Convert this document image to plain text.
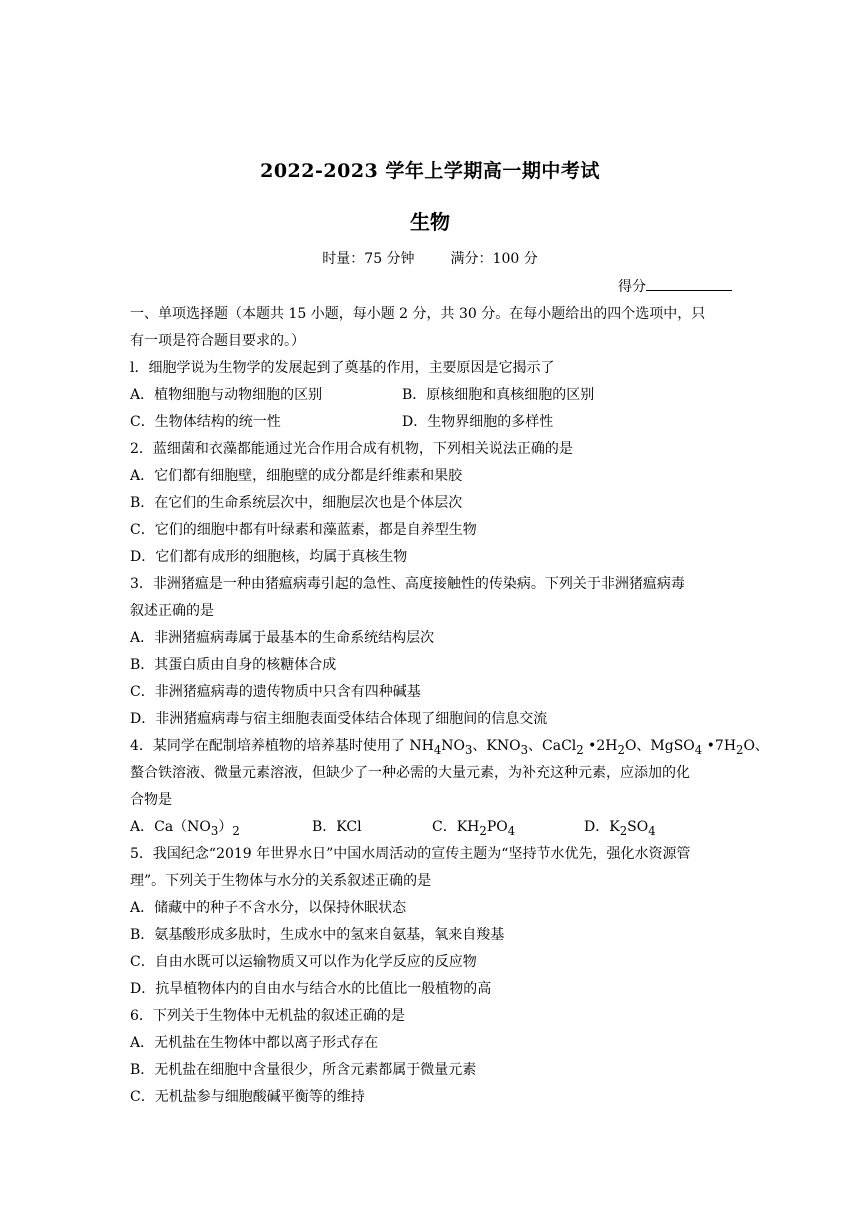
2022-2023 学年上学期高一期中考试
生物
时量：75 分钟	满分：100 分
得分
一、单项选择题（本题共 15 小题，每小题 2 分，共 30 分。在每小题给出的四个选项中，只
有一项是符合题目要求的。）
l．细胞学说为生物学的发展起到了奠基的作用，主要原因是它揭示了
A．植物细胞与动物细胞的区别	B．原核细胞和真核细胞的区别
C．生物体结构的统一性	D．生物界细胞的多样性
2．蓝细菌和衣藻都能通过光合作用合成有机物，下列相关说法正确的是
A．它们都有细胞壁，细胞壁的成分都是纤维素和果胶
B．在它们的生命系统层次中，细胞层次也是个体层次
C．它们的细胞中都有叶绿素和藻蓝素，都是自养型生物
D．它们都有成形的细胞核，均属于真核生物
3．非洲猪瘟是一种由猪瘟病毒引起的急性、高度接触性的传染病。下列关于非洲猪瘟病毒
叙述正确的是
A．非洲猪瘟病毒属于最基本的生命系统结构层次
B．其蛋白质由自身的核糖体合成
C．非洲猪瘟病毒的遗传物质中只含有四种碱基
D．非洲猪瘟病毒与宿主细胞表面受体结合体现了细胞间的信息交流
4．某同学在配制培养植物的培养基时使用了 $NH_4NO_3$、$KNO_3$、CaCl$_2$ $•2H_2O$、MgSO$_4$ $•7H_2O$、
螯合铁溶液、微量元素溶液，但缺少了一种必需的大量元素，为补充这种元素，应添加的化
合物是
A．$Ca(NO_3)_2$	B．KCl	C．$KH_2PO_4$	D．$K_2SO_4$
5．我国纪念“2019 年世界水日”中国水周活动的宣传主题为“坚持节水优先，强化水资源管
理”。下列关于生物体与水分的关系叙述正确的是
A．储藏中的种子不含水分，以保持休眠状态
B．氨基酸形成多肽时，生成水中的氢来自氨基，氧来自羧基
C．自由水既可以运输物质又可以作为化学反应的反应物
D．抗旱植物体内的自由水与结合水的比值比一般植物的高
6．下列关于生物体中无机盐的叙述正确的是
A．无机盐在生物体中都以离子形式存在
B．无机盐在细胞中含量很少，所含元素都属于微量元素
C．无机盐参与细胞酸碱平衡等的维持
